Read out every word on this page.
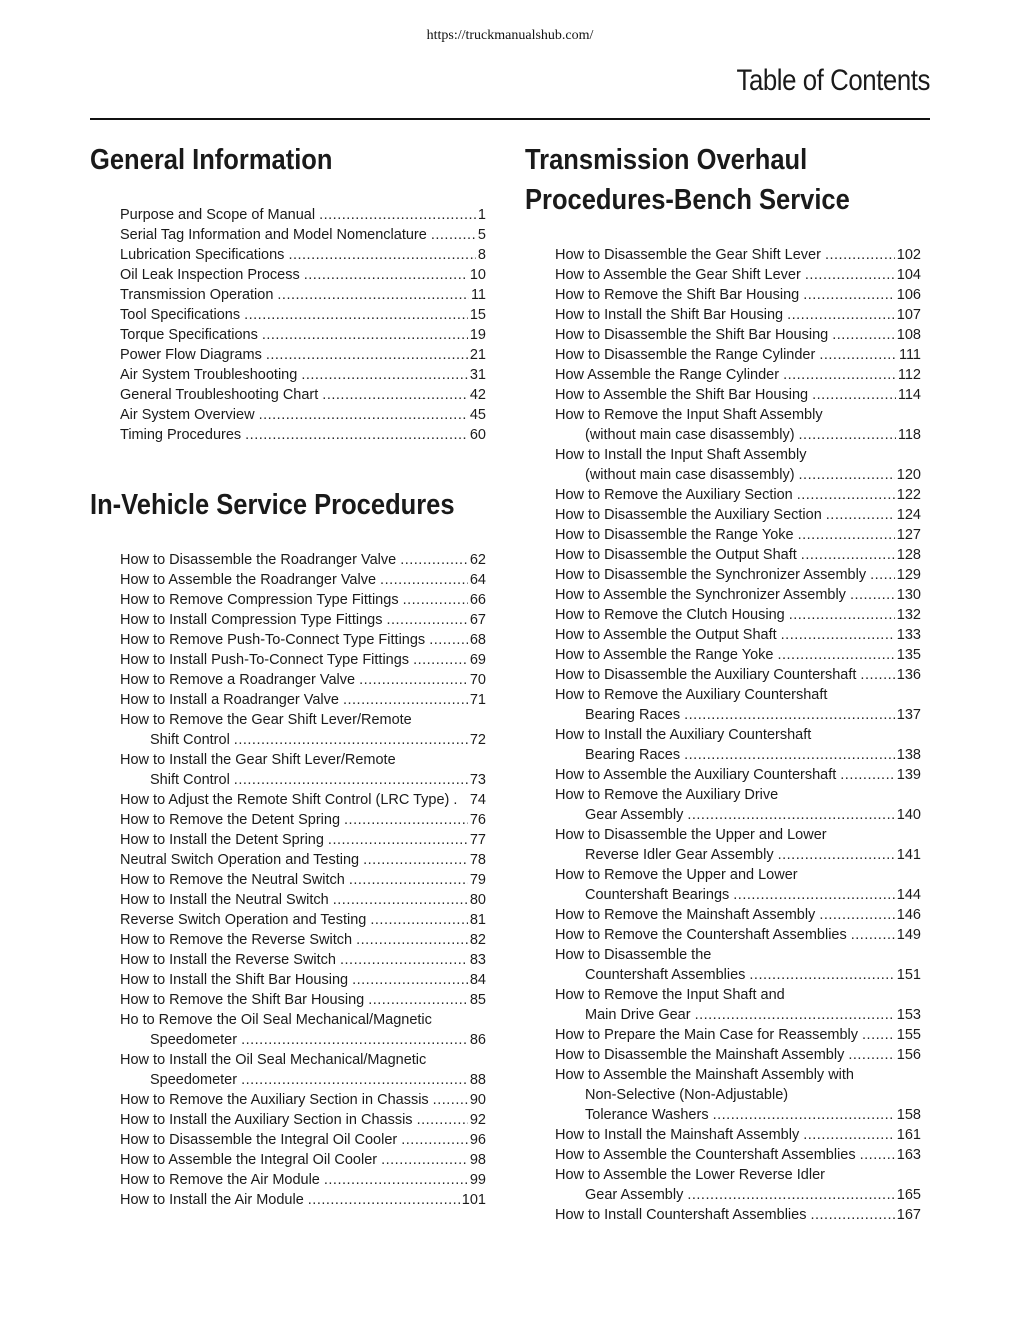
https://truckmanualshub.com/
Table of Contents
General Information
Purpose and Scope of Manual .....	1
Serial Tag Information and Model Nomenclature .....	5
Lubrication Specifications .....	8
Oil Leak Inspection Process .....	10
Transmission Operation .....	11
Tool Specifications .....	15
Torque Specifications .....	19
Power Flow Diagrams .....	21
Air System Troubleshooting .....	31
General Troubleshooting Chart .....	42
Air System Overview .....	45
Timing Procedures .....	60
In-Vehicle Service Procedures
How to Disassemble the Roadranger Valve .....	62
How to Assemble the Roadranger Valve .....	64
How to Remove Compression Type Fittings .....	66
How to Install Compression Type Fittings .....	67
How to Remove Push-To-Connect Type Fittings .....	68
How to Install Push-To-Connect Type Fittings .....	69
How to Remove a Roadranger Valve .....	70
How to Install a Roadranger Valve .....	71
How to Remove the Gear Shift Lever/Remote
Shift Control .....	72
How to Install the Gear Shift Lever/Remote
Shift Control .....	73
How to Adjust the Remote Shift Control (LRC Type) . 74
How to Remove the Detent Spring .....	76
How to Install the Detent Spring .....	77
Neutral Switch Operation and Testing .....	78
How to Remove the Neutral Switch .....	79
How to Install the Neutral Switch .....	80
Reverse Switch Operation and Testing .....	81
How to Remove the Reverse Switch .....	82
How to Install the Reverse Switch .....	83
How to Install the Shift Bar Housing .....	84
How to Remove the Shift Bar Housing .....	85
Ho to Remove the Oil Seal Mechanical/Magnetic
Speedometer .....	86
How to Install the Oil Seal Mechanical/Magnetic
Speedometer .....	88
How to Remove the Auxiliary Section in Chassis .....	90
How to Install the Auxiliary Section in Chassis .....	92
How to Disassemble the Integral Oil Cooler .....	96
How to Assemble the Integral Oil Cooler .....	98
How to Remove the Air Module .....	99
How to Install the Air Module .....	101
Transmission Overhaul
Procedures-Bench Service
How to Disassemble the Gear Shift Lever .....	102
How to Assemble the Gear Shift Lever .....	104
How to Remove the Shift Bar Housing .....	106
How to Install the Shift Bar Housing .....	107
How to Disassemble the Shift Bar Housing .....	108
How to Disassemble the Range Cylinder .....	111
How Assemble the Range Cylinder .....	112
How to Assemble the Shift Bar Housing .....	114
How to Remove the Input Shaft Assembly
(without main case disassembly) .....	118
How to Install the Input Shaft Assembly
(without main case disassembly) .....	120
How to Remove the Auxiliary Section .....	122
How to Disassemble the Auxiliary Section .....	124
How to Disassemble the Range Yoke .....	127
How to Disassemble the Output Shaft .....	128
How to Disassemble the Synchronizer Assembly ..... 129
How to Assemble the Synchronizer Assembly .....	130
How to Remove the Clutch Housing .....	132
How to Assemble the Output Shaft .....	133
How to Assemble the Range Yoke .....	135
How to Disassemble the Auxiliary Countershaft .....	136
How to Remove the Auxiliary Countershaft
Bearing Races .....	137
How to Install the Auxiliary Countershaft
Bearing Races .....	138
How to Assemble the Auxiliary Countershaft .....	139
How to Remove the Auxiliary Drive
Gear Assembly .....	140
How to Disassemble the Upper and Lower
Reverse Idler Gear Assembly .....	141
How to Remove the Upper and Lower
Countershaft Bearings .....	144
How to Remove the Mainshaft Assembly .....	146
How to Remove the Countershaft Assemblies .....	149
How to Disassemble the
Countershaft Assemblies .....	151
How to Remove the Input Shaft and
Main Drive Gear .....	153
How to Prepare the Main Case for Reassembly .....	155
How to Disassemble the Mainshaft Assembly .....	156
How to Assemble the Mainshaft Assembly with
Non-Selective (Non-Adjustable)
Tolerance Washers .....	158
How to Install the Mainshaft Assembly .....	161
How to Assemble the Countershaft Assemblies .....	163
How to Assemble the Lower Reverse Idler
Gear Assembly .....	165
How to Install Countershaft Assemblies .....	167
